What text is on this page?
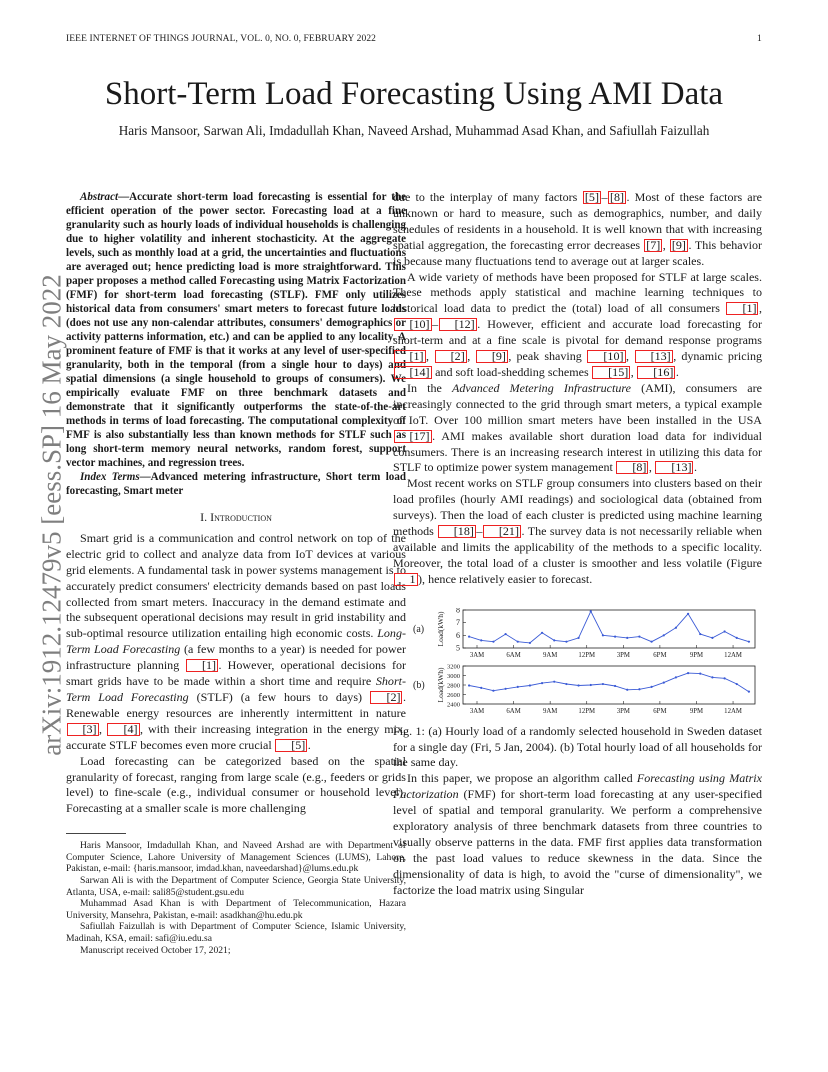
IEEE INTERNET OF THINGS JOURNAL, VOL. 0, NO. 0, FEBRUARY 2022	1
Short-Term Load Forecasting Using AMI Data
Haris Mansoor, Sarwan Ali, Imdadullah Khan, Naveed Arshad, Muhammad Asad Khan, and Safiullah Faizullah
arXiv:1912.12479v5 [eess.SP] 16 May 2022

Abstract—Accurate short-term load forecasting is essential for the efficient operation of the power sector. Forecasting load at a fine granularity such as hourly loads of individual households is challenging due to higher volatility and inherent stochasticity. At the aggregate levels, such as monthly load at a grid, the uncertainties and fluctuations are averaged out; hence predicting load is more straightforward. This paper proposes a method called Forecasting using Matrix Factorization (FMF) for short-term load forecasting (STLF). FMF only utilizes historical data from consumers' smart meters to forecast future loads (does not use any non-calendar attributes, consumers' demographics or activity patterns information, etc.) and can be applied to any locality. A prominent feature of FMF is that it works at any level of user-specified granularity, both in the temporal (from a single hour to days) and spatial dimensions (a single household to groups of consumers). We empirically evaluate FMF on three benchmark datasets and demonstrate that it significantly outperforms the state-of-the-art methods in terms of load forecasting. The computational complexity of FMF is also substantially less than known methods for STLF such as long short-term memory neural networks, random forest, support vector machines, and regression trees.

Index Terms—Advanced metering infrastructure, Short term load forecasting, Smart meter

I. Introduction

Smart grid is a communication and control network on top of the electric grid to collect and analyze data from IoT devices at various grid elements. A fundamental task in power systems management is to accurately predict consumers' electricity demands based on past loads collected from smart meters. Inaccuracy in the demand estimate and the subsequent operational decisions may result in grid instability and sub-optimal resource utilization entailing high economic costs. Long-Term Load Forecasting (a few months to a year) is needed for power infrastructure planning [1] . However, operational decisions for smart grids have to be made within a short time and require Short-Term Load Forecasting (STLF) (a few hours to days) [2] . Renewable energy resources are inherently intermittent in nature [3] , [4] , with their increasing integration in the energy mix, accurate STLF becomes even more crucial [5] .

Load forecasting can be categorized based on the spatial granularity of forecast, ranging from large scale (e.g., feeders or grids level) to fine-scale (e.g., individual consumer or household level). Forecasting at a smaller scale is more challenging

Haris Mansoor, Imdadullah Khan, and Naveed Arshad are with Department of Computer Science, Lahore University of Management Sciences (LUMS), Lahore, Pakistan, e-mail: {haris.mansoor, imdad.khan, naveedarshad}@lums.edu.pk

Sarwan Ali is with the Department of Computer Science, Georgia State University, Atlanta, USA, e-mail: sali85@student.gsu.edu

Muhammad Asad Khan is with Department of Telecommunication, Hazara University, Mansehra, Pakistan, e-mail: asadkhan@hu.edu.pk

Safiullah Faizullah is with Department of Computer Science, Islamic University, Madinah, KSA, email: safi@iu.edu.sa

Manuscript received October 17, 2021;

due to the interplay of many factors [5] – [8] . Most of these factors are unknown or hard to measure, such as demographics, number, and daily schedules of residents in a household. It is well known that with increasing spatial aggregation, the forecasting error decreases [7] , [9] . This behavior is because many fluctuations tend to average out at larger scales.

A wide variety of methods have been proposed for STLF at large scales. These methods apply statistical and machine learning techniques to historical load data to predict the (total) load of all consumers [1] , [10] – [12] . However, efficient and accurate load forecasting for short-term and at a fine scale is pivotal for demand response programs [1] , [2] , [9] , peak shaving [10] , [13] , dynamic pricing [14] and soft load-shedding schemes [15] , [16] .

In the Advanced Metering Infrastructure (AMI), consumers are increasingly connected to the grid through smart meters, a typical example of IoT. Over 100 million smart meters have been installed in the USA [17] . AMI makes available short duration load data for individual consumers. There is an increasing research interest in utilizing this data for STLF to optimize power system management [8] , [13] .

Most recent works on STLF group consumers into clusters based on their load profiles (hourly AMI readings) and sociological data (obtained from surveys). Then the load of each cluster is predicted using machine learning methods [18] – [21] . The survey data is not necessarily reliable when available and limits the applicability of the methods to a specific locality. Moreover, the total load of a cluster is smoother and less volatile (Figure 1 ), hence relatively easier to forecast.

5
6
7
8
3AM	6AM	9AM	12PM	3PM	6PM	9PM	12AM
Load(kWh)
(a)
2400
2600
2800
3000
3200
3AM	6AM	9AM	12PM	3PM	6PM	9PM	12AM
Load(kWh)
(b)

Fig. 1: (a) Hourly load of a randomly selected household in Sweden dataset for a single day (Fri, 5 Jan, 2004). (b) Total hourly load of all households for the same day.

In this paper, we propose an algorithm called Forecasting using Matrix Factorization (FMF) for short-term load forecasting at any user-specified level of spatial and temporal granularity. We perform a comprehensive exploratory analysis of three benchmark datasets from three countries to visually observe patterns in the data. FMF first applies data transformation on the past load values to reduce skewness in the data. Since the dimensionality of data is high, to avoid the "curse of dimensionality", we factorize the load matrix using Singular
